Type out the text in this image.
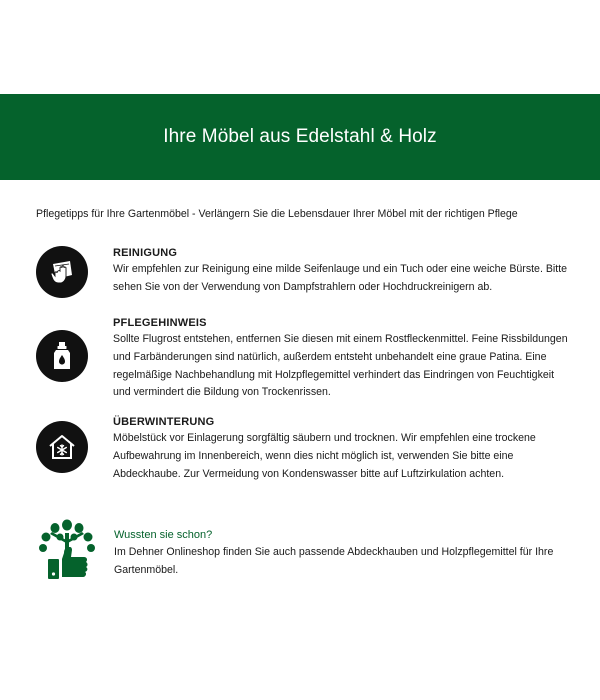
Ihre Möbel aus Edelstahl & Holz

Pflegetipps für Ihre Gartenmöbel - Verlängern Sie die Lebensdauer Ihrer Möbel mit der richtigen Pflege

REINIGUNG

Wir empfehlen zur Reinigung eine milde Seifenlauge und ein Tuch oder eine weiche Bürste. Bitte sehen Sie von der Verwendung von Dampfstrahlern oder Hochdruckreinigern ab.

PFLEGEHINWEIS

Sollte Flugrost entstehen, entfernen Sie diesen mit einem Rostfleckenmittel. Feine Rissbildungen und Farbänderungen sind natürlich, außerdem entsteht unbehandelt eine graue Patina. Eine regelmäßige Nachbehandlung mit Holzpflegemittel verhindert das Eindringen von Feuchtigkeit und vermindert die Bildung von Trockenrissen.

ÜBERWINTERUNG

Möbelstück vor Einlagerung sorgfältig säubern und trocknen. Wir empfehlen eine trockene Aufbewahrung im Innenbereich, wenn dies nicht möglich ist, verwenden Sie bitte eine Abdeckhaube. Zur Vermeidung von Kondenswasser bitte auf Luftzirkulation achten.

Wussten sie schon?

Im Dehner Onlineshop finden Sie auch passende Abdeckhauben und Holzpflegemittel für Ihre Gartenmöbel.
